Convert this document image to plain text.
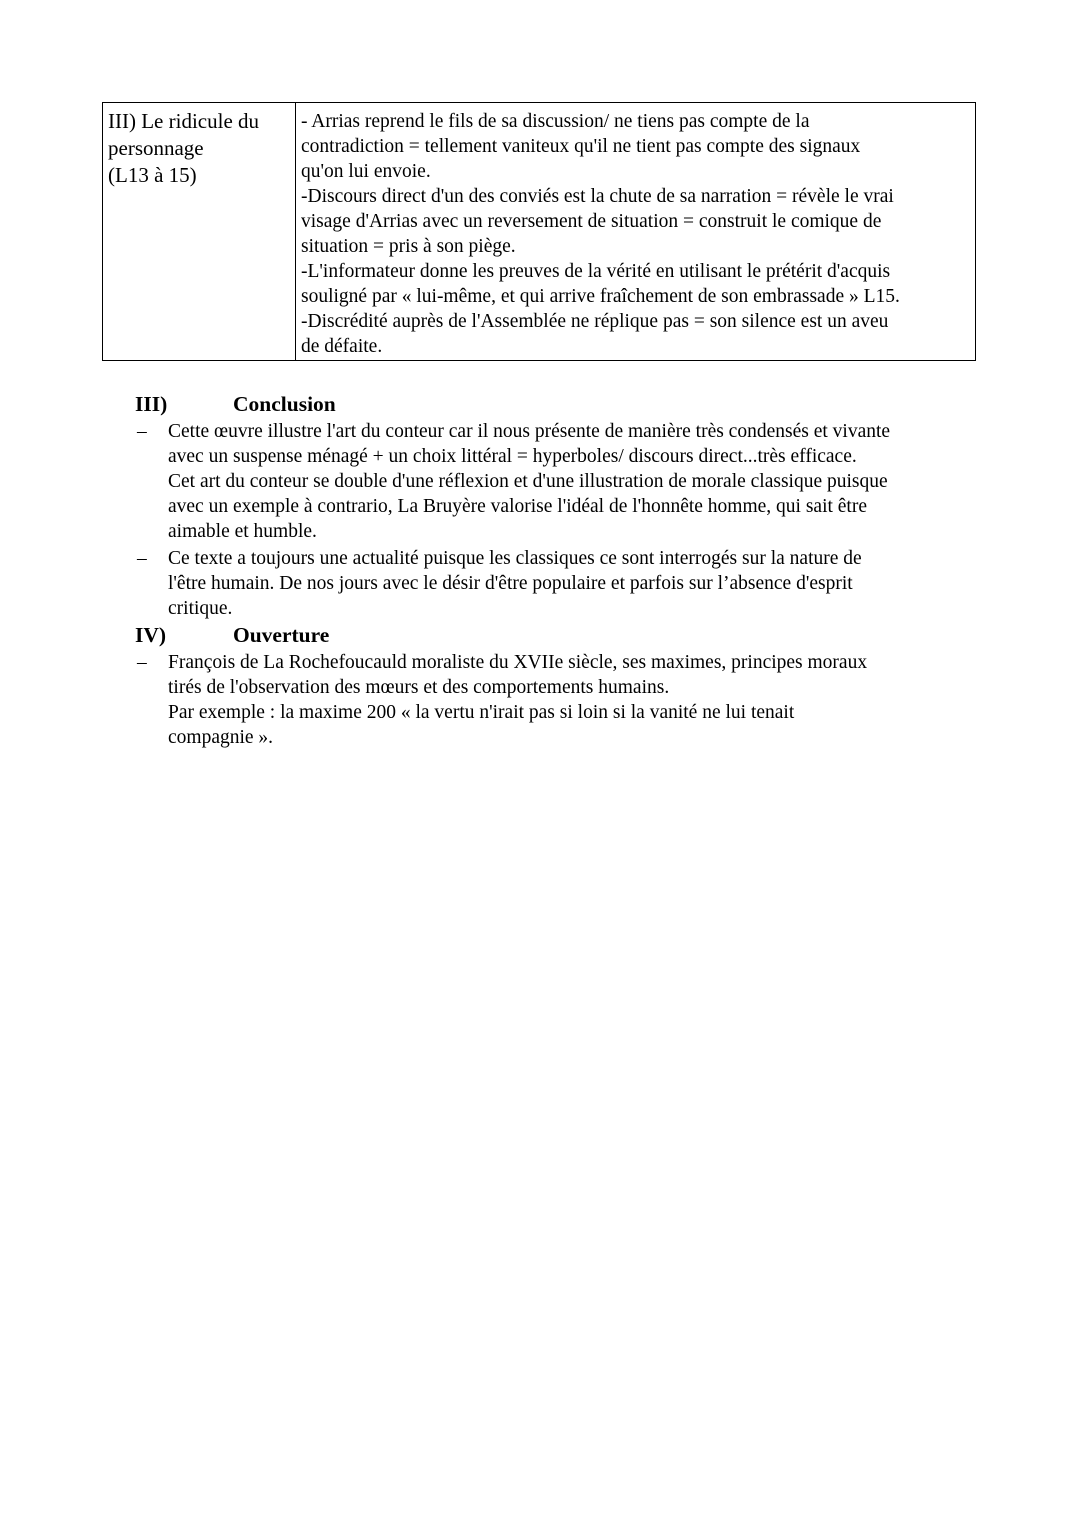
III) Le ridicule du
personnage
(L13 à 15)
- Arrias reprend le fils de sa discussion/ ne tiens pas compte de la
contradiction = tellement vaniteux qu'il ne tient pas compte des signaux
qu'on lui envoie.
-Discours direct d'un des conviés est la chute de sa narration = révèle le vrai
visage d'Arrias avec un reversement de situation = construit le comique de
situation = pris à son piège.
-L'informateur donne les preuves de la vérité en utilisant le prétérit d'acquis
souligné par « lui-même, et qui arrive fraîchement de son embrassade » L15.
-Discrédité auprès de l'Assemblée ne réplique pas = son silence est un aveu
de défaite.
III)	Conclusion
– Cette œuvre illustre l'art du conteur car il nous présente de manière très condensés et vivante
avec un suspense ménagé + un choix littéral = hyperboles/ discours direct...très efficace.
Cet art du conteur se double d'une réflexion et d'une illustration de morale classique puisque
avec un exemple à contrario, La Bruyère valorise l'idéal de l'honnête homme, qui sait être
aimable et humble.
– Ce texte a toujours une actualité puisque les classiques ce sont interrogés sur la nature de
l'être humain. De nos jours avec le désir d'être populaire et parfois sur l’absence d'esprit
critique.
IV)	Ouverture
– François de La Rochefoucauld moraliste du XVIIe siècle, ses maximes, principes moraux
tirés de l'observation des mœurs et des comportements humains.
Par exemple : la maxime 200 « la vertu n'irait pas si loin si la vanité ne lui tenait
compagnie ».
